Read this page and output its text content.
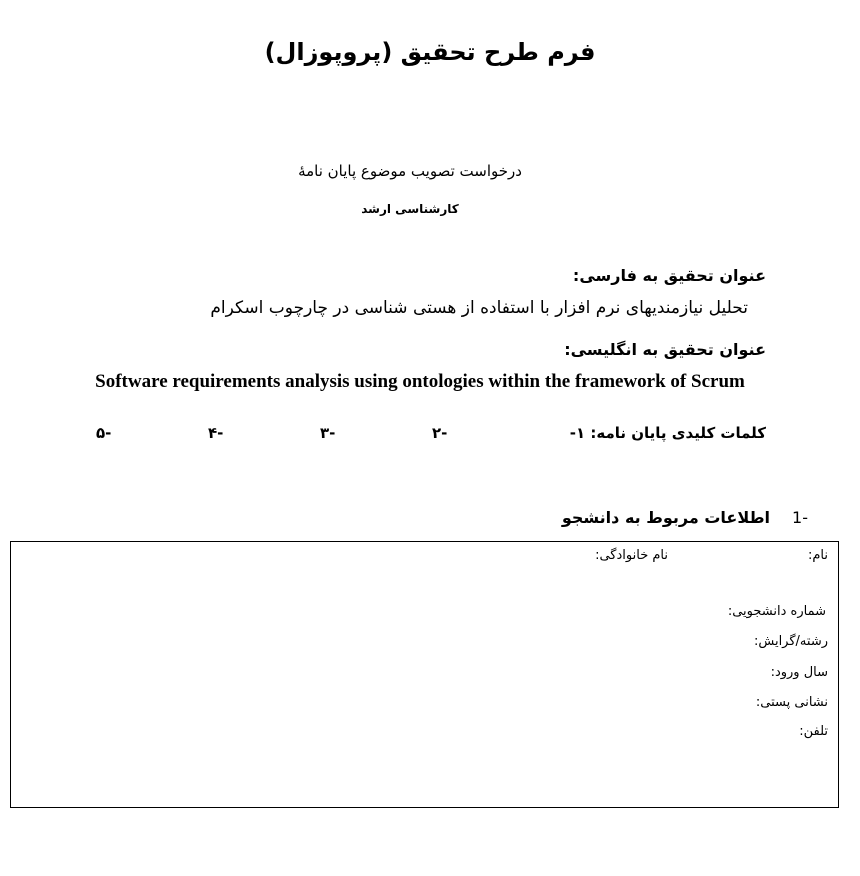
فرم طرح تحقیق (پروپوزال)
درخواست تصویب موضوع پایان نامۀ
کارشناسی ارشد
عنوان تحقیق به فارسی:
تحلیل نیازمندیهای نرم افزار با استفاده از هستی شناسی در چارچوب اسکرام
عنوان تحقیق به انگلیسی:
Software requirements analysis using ontologies within the framework of Scrum
کلمات کلیدی پایان نامه: ۱-
۲-
۳-
۴-
۵-
-1اطلاعات مربوط به دانشجو
نام:
نام خانوادگی:
شماره دانشجویی:
رشته/گرایش:
سال ورود:
نشانی پستی:
تلفن:
